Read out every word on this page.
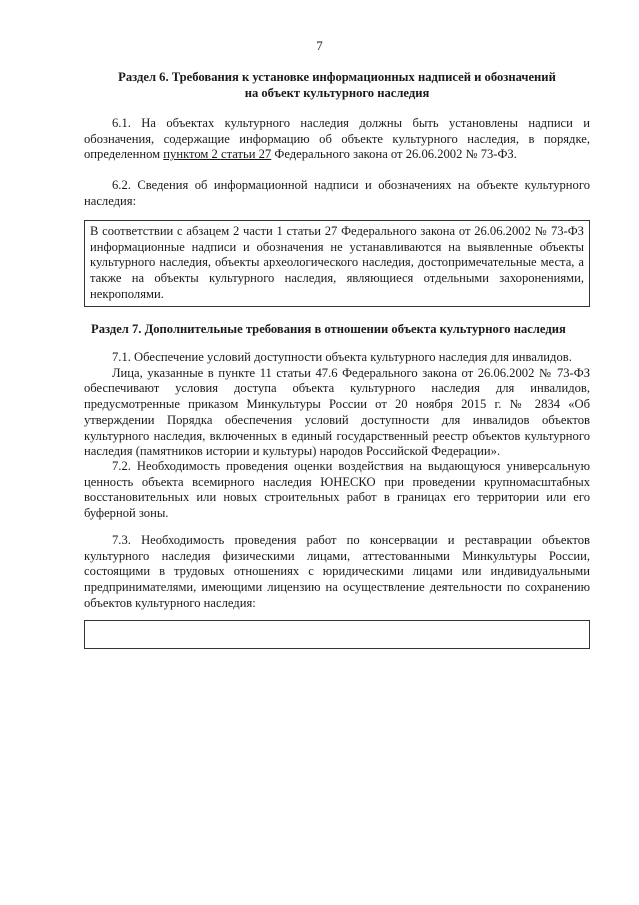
7

Раздел 6. Требования к установке информационных надписей и обозначений

на объект культурного наследия

6.1. На объектах культурного наследия должны быть установлены надписи и обозначения, содержащие информацию об объекте культурного наследия, в порядке, определенном пунктом 2 статьи 27 Федерального закона от 26.06.2002 № 73-ФЗ.

6.2. Сведения об информационной надписи и обозначениях на объекте культурного наследия:

В соответствии с абзацем 2 части 1 статьи 27 Федерального закона от 26.06.2002 № 73-ФЗ информационные надписи и обозначения не устанавливаются на выявленные объекты культурного наследия, объекты археологического наследия, достопримечательные места, а также на объекты культурного наследия, являющиеся отдельными захоронениями, некрополями.

Раздел 7. Дополнительные требования в отношении объекта культурного наследия

7.1. Обеспечение условий доступности объекта культурного наследия для инвалидов.

Лица, указанные в пункте 11 статьи 47.6 Федерального закона от 26.06.2002 № 73-ФЗ обеспечивают условия доступа объекта культурного наследия для инвалидов, предусмотренные приказом Минкультуры России от 20 ноября 2015 г. № 2834 «Об утверждении Порядка обеспечения условий доступности для инвалидов объектов культурного наследия, включенных в единый государственный реестр объектов культурного наследия (памятников истории и культуры) народов Российской Федерации».

7.2. Необходимость проведения оценки воздействия на выдающуюся универсальную ценность объекта всемирного наследия ЮНЕСКО при проведении крупномасштабных восстановительных или новых строительных работ в границах его территории или его буферной зоны.

7.3. Необходимость проведения работ по консервации и реставрации объектов культурного наследия физическими лицами, аттестованными Минкультуры России, состоящими в трудовых отношениях с юридическими лицами или индивидуальными предпринимателями, имеющими лицензию на осуществление деятельности по сохранению объектов культурного наследия:
